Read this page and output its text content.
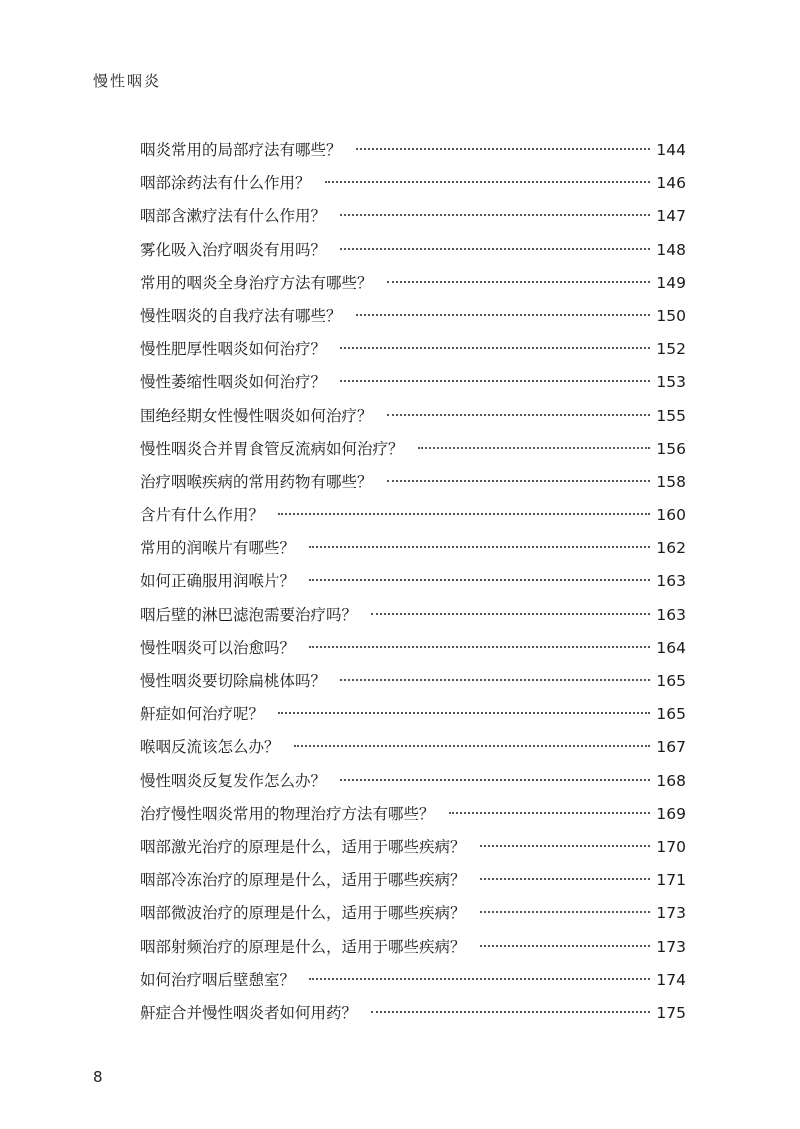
慢性咽炎
咽炎常用的局部疗法有哪些？	144
咽部涂药法有什么作用？	146
咽部含漱疗法有什么作用？	147
雾化吸入治疗咽炎有用吗？	148
常用的咽炎全身治疗方法有哪些？	149
慢性咽炎的自我疗法有哪些？	150
慢性肥厚性咽炎如何治疗？	152
慢性萎缩性咽炎如何治疗？	153
围绝经期女性慢性咽炎如何治疗？	155
慢性咽炎合并胃食管反流病如何治疗？	156
治疗咽喉疾病的常用药物有哪些？	158
含片有什么作用？	160
常用的润喉片有哪些？	162
如何正确服用润喉片？	163
咽后壁的淋巴滤泡需要治疗吗？	163
慢性咽炎可以治愈吗？	164
慢性咽炎要切除扁桃体吗？	165
鼾症如何治疗呢？	165
喉咽反流该怎么办？	167
慢性咽炎反复发作怎么办？	168
治疗慢性咽炎常用的物理治疗方法有哪些？	169
咽部激光治疗的原理是什么，适用于哪些疾病？	170
咽部冷冻治疗的原理是什么，适用于哪些疾病？	171
咽部微波治疗的原理是什么，适用于哪些疾病？	173
咽部射频治疗的原理是什么，适用于哪些疾病？	173
如何治疗咽后壁憩室？	174
鼾症合并慢性咽炎者如何用药？	175
8
